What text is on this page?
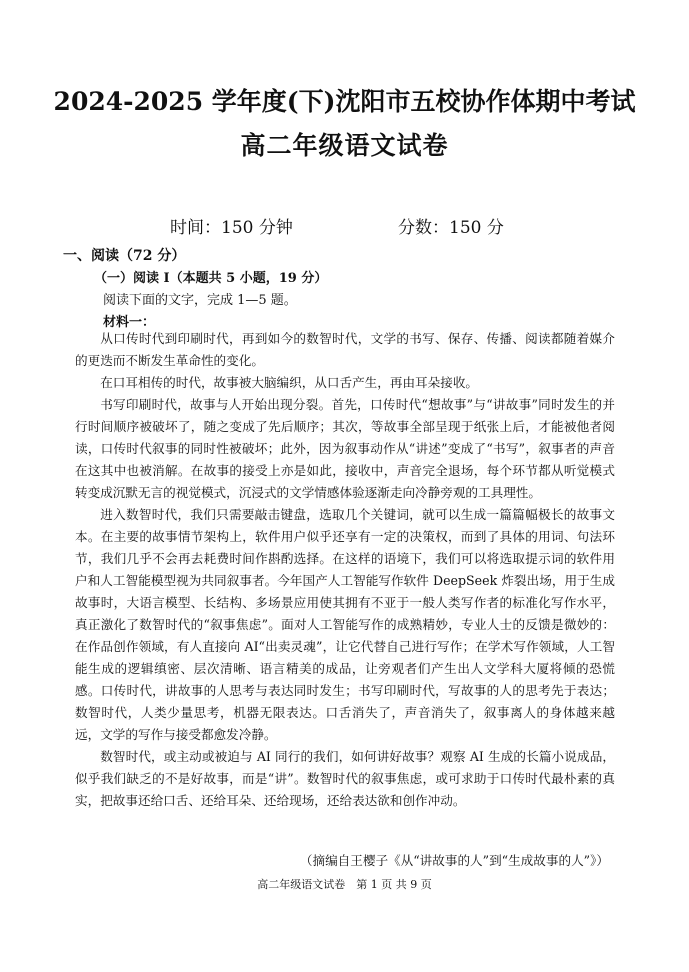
2024-2025 学年度(下)沈阳市五校协作体期中考试
高二年级语文试卷
时间：150 分钟	分数：150 分
一、阅读（72 分）
（一）阅读 I（本题共 5 小题，19 分）
阅读下面的文字，完成 1—5 题。
材料一：

从口传时代到印刷时代，再到如今的数智时代，文学的书写、保存、传播、阅读都随着媒介的更迭而不断发生革命性的变化。

在口耳相传的时代，故事被大脑编织，从口舌产生，再由耳朵接收。

书写印刷时代，故事与人开始出现分裂。首先，口传时代“想故事”与“讲故事”同时发生的并行时间顺序被破坏了，随之变成了先后顺序；其次，等故事全部呈现于纸张上后，才能被他者阅读，口传时代叙事的同时性被破坏；此外，因为叙事动作从“讲述”变成了“书写”，叙事者的声音在这其中也被消解。在故事的接受上亦是如此，接收中，声音完全退场，每个环节都从听觉模式转变成沉默无言的视觉模式，沉浸式的文学情感体验逐渐走向冷静旁观的工具理性。

进入数智时代，我们只需要敲击键盘，选取几个关键词，就可以生成一篇篇幅极长的故事文本。在主要的故事情节架构上，软件用户似乎还享有一定的决策权，而到了具体的用词、句法环节，我们几乎不会再去耗费时间作斟酌选择。在这样的语境下，我们可以将选取提示词的软件用户和人工智能模型视为共同叙事者。今年国产人工智能写作软件 DeepSeek 炸裂出场，用于生成故事时，大语言模型、长结构、多场景应用使其拥有不亚于一般人类写作者的标准化写作水平，真正激化了数智时代的“叙事焦虑”。面对人工智能写作的成熟精妙，专业人士的反馈是微妙的：在作品创作领域，有人直接向 AI“出卖灵魂”，让它代替自己进行写作；在学术写作领域，人工智能生成的逻辑缜密、层次清晰、语言精美的成品，让旁观者们产生出人文学科大厦将倾的恐慌感。口传时代，讲故事的人思考与表达同时发生；书写印刷时代，写故事的人的思考先于表达；数智时代，人类少量思考，机器无限表达。口舌消失了，声音消失了，叙事离人的身体越来越远，文学的写作与接受都愈发冷静。

数智时代，或主动或被迫与 AI 同行的我们，如何讲好故事？观察 AI 生成的长篇小说成品，似乎我们缺乏的不是好故事，而是“讲”。数智时代的叙事焦虑，或可求助于口传时代最朴素的真实，把故事还给口舌、还给耳朵、还给现场，还给表达欲和创作冲动。

（摘编自王樱子《从“讲故事的人”到“生成故事的人”》）
高二年级语文试卷　第 1 页 共 9 页
